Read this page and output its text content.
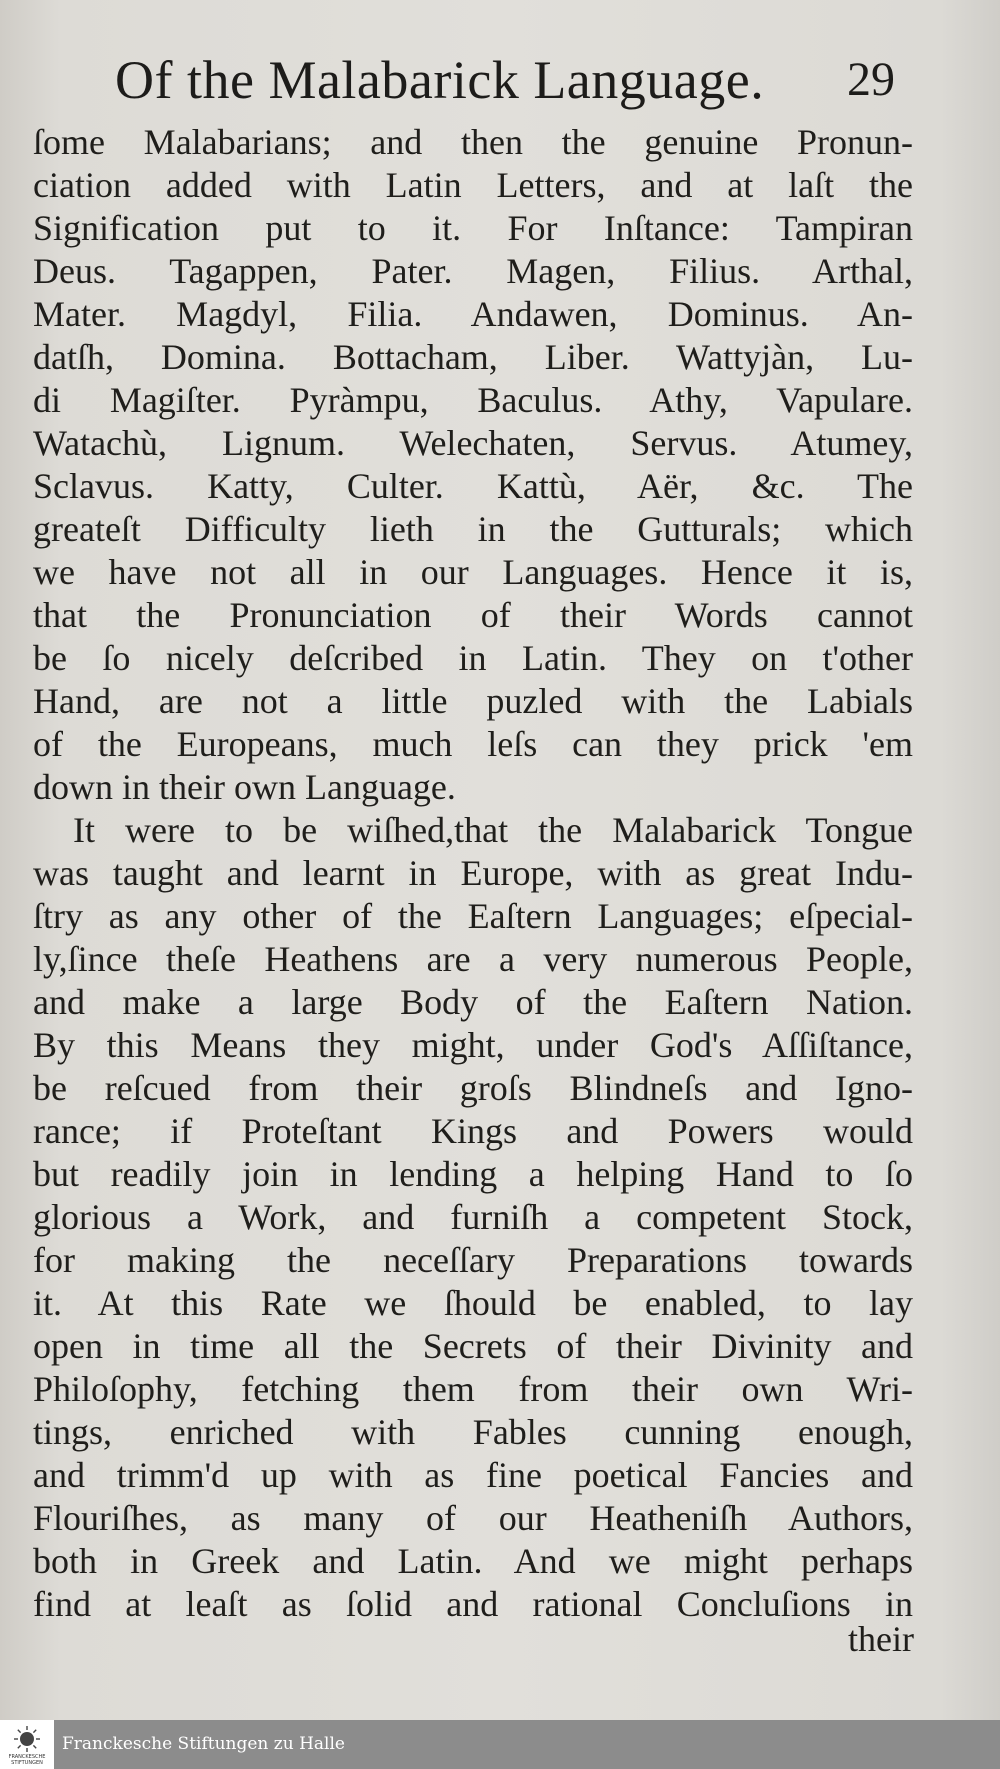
Of the Malabarick Language. 29
ſome Malabarians; and then the genuine Pronun-
ciation added with Latin Letters, and at laſt the
Signification put to it. For Inſtance: Tampiran
Deus. Tagappen, Pater. Magen, Filius. Arthal,
Mater. Magdyl, Filia. Andawen, Dominus. An-
datſh, Domina. Bottacham, Liber. Wattyjàn, Lu-
di Magiſter. Pyràmpu, Baculus. Athy, Vapulare.
Watachù, Lignum. Welechaten, Servus. Atumey,
Sclavus. Katty, Culter. Kattù, Aër, &c. The
greateſt Difficulty lieth in the Gutturals; which
we have not all in our Languages. Hence it is,
that the Pronunciation of their Words cannot
be ſo nicely deſcribed in Latin. They on t'other
Hand, are not a little puzled with the Labials
of the Europeans, much leſs can they prick 'em
down in their own Language.
It were to be wiſhed,that the Malabarick Tongue
was taught and learnt in Europe, with as great Indu-
ſtry as any other of the Eaſtern Languages; eſpecial-
ly,ſince theſe Heathens are a very numerous People,
and make a large Body of the Eaſtern Nation.
By this Means they might, under God's Aſſiſtance,
be reſcued from their groſs Blindneſs and Igno-
rance; if Proteſtant Kings and Powers would
but readily join in lending a helping Hand to ſo
glorious a Work, and furniſh a competent Stock,
for making the neceſſary Preparations towards
it. At this Rate we ſhould be enabled, to lay
open in time all the Secrets of their Divinity and
Philoſophy, fetching them from their own Wri-
tings, enriched with Fables cunning enough,
and trimm'd up with as fine poetical Fancies and
Flouriſhes, as many of our Heatheniſh Authors,
both in Greek and Latin. And we might perhaps
find at leaſt as ſolid and rational Concluſions in
their
FRANCKESCHE STIFTUNGEN
Franckesche Stiftungen zu Halle
